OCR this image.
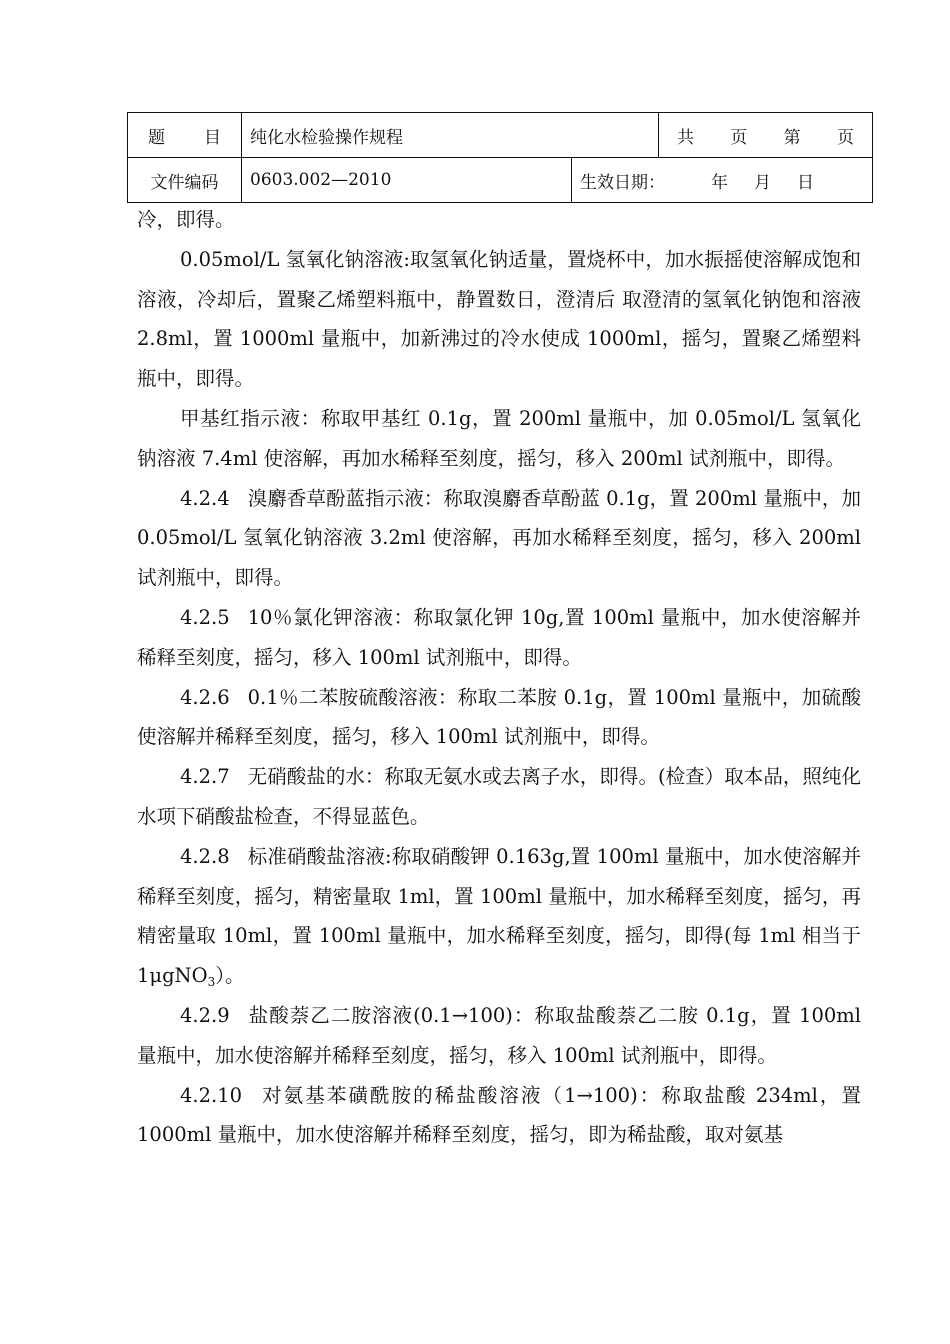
题 目	纯化水检验操作规程		共 页 第 页

文件编码	0603.002—2010	生效日期： 年 月 日	

冷，即得。

0.05mol/L 氢氧化钠溶液:取氢氧化钠适量，置烧杯中，加水振摇使溶解成饱和溶液，冷却后，置聚乙烯塑料瓶中，静置数日，澄清后 取澄清的氢氧化钠饱和溶液 2.8ml，置 1000ml 量瓶中，加新沸过的冷水使成 1000ml，摇匀，置聚乙烯塑料瓶中，即得。

甲基红指示液：称取甲基红 0.1g，置 200ml 量瓶中，加 0.05mol/L 氢氧化钠溶液 7.4ml 使溶解，再加水稀释至刻度，摇匀，移入 200ml 试剂瓶中，即得。

4.2.4 溴麝香草酚蓝指示液：称取溴麝香草酚蓝 0.1g，置 200ml 量瓶中，加 0.05mol/L 氢氧化钠溶液 3.2ml 使溶解，再加水稀释至刻度，摇匀，移入 200ml 试剂瓶中，即得。

4.2.5 10％氯化钾溶液：称取氯化钾 10g,置 100ml 量瓶中，加水使溶解并稀释至刻度，摇匀，移入 100ml 试剂瓶中，即得。

4.2.6 0.1％二苯胺硫酸溶液：称取二苯胺 0.1g，置 100ml 量瓶中，加硫酸使溶解并稀释至刻度，摇匀，移入 100ml 试剂瓶中，即得。

4.2.7 无硝酸盐的水：称取无氨水或去离子水，即得。(检查）取本品，照纯化水项下硝酸盐检查，不得显蓝色。

4.2.8 标准硝酸盐溶液:称取硝酸钾 0.163g,置 100ml 量瓶中，加水使溶解并稀释至刻度，摇匀，精密量取 1ml，置 100ml 量瓶中，加水稀释至刻度，摇匀，再精密量取 10ml，置 100ml 量瓶中，加水稀释至刻度，摇匀，即得(每 1ml 相当于 1μgNO$_3$）。

4.2.9 盐酸萘乙二胺溶液(0.1→100)：称取盐酸萘乙二胺 0.1g，置 100ml 量瓶中，加水使溶解并稀释至刻度，摇匀，移入 100ml 试剂瓶中，即得。

4.2.10 对氨基苯磺酰胺的稀盐酸溶液（1→100)：称取盐酸 234ml，置 1000ml 量瓶中，加水使溶解并稀释至刻度，摇匀，即为稀盐酸，取对氨基
